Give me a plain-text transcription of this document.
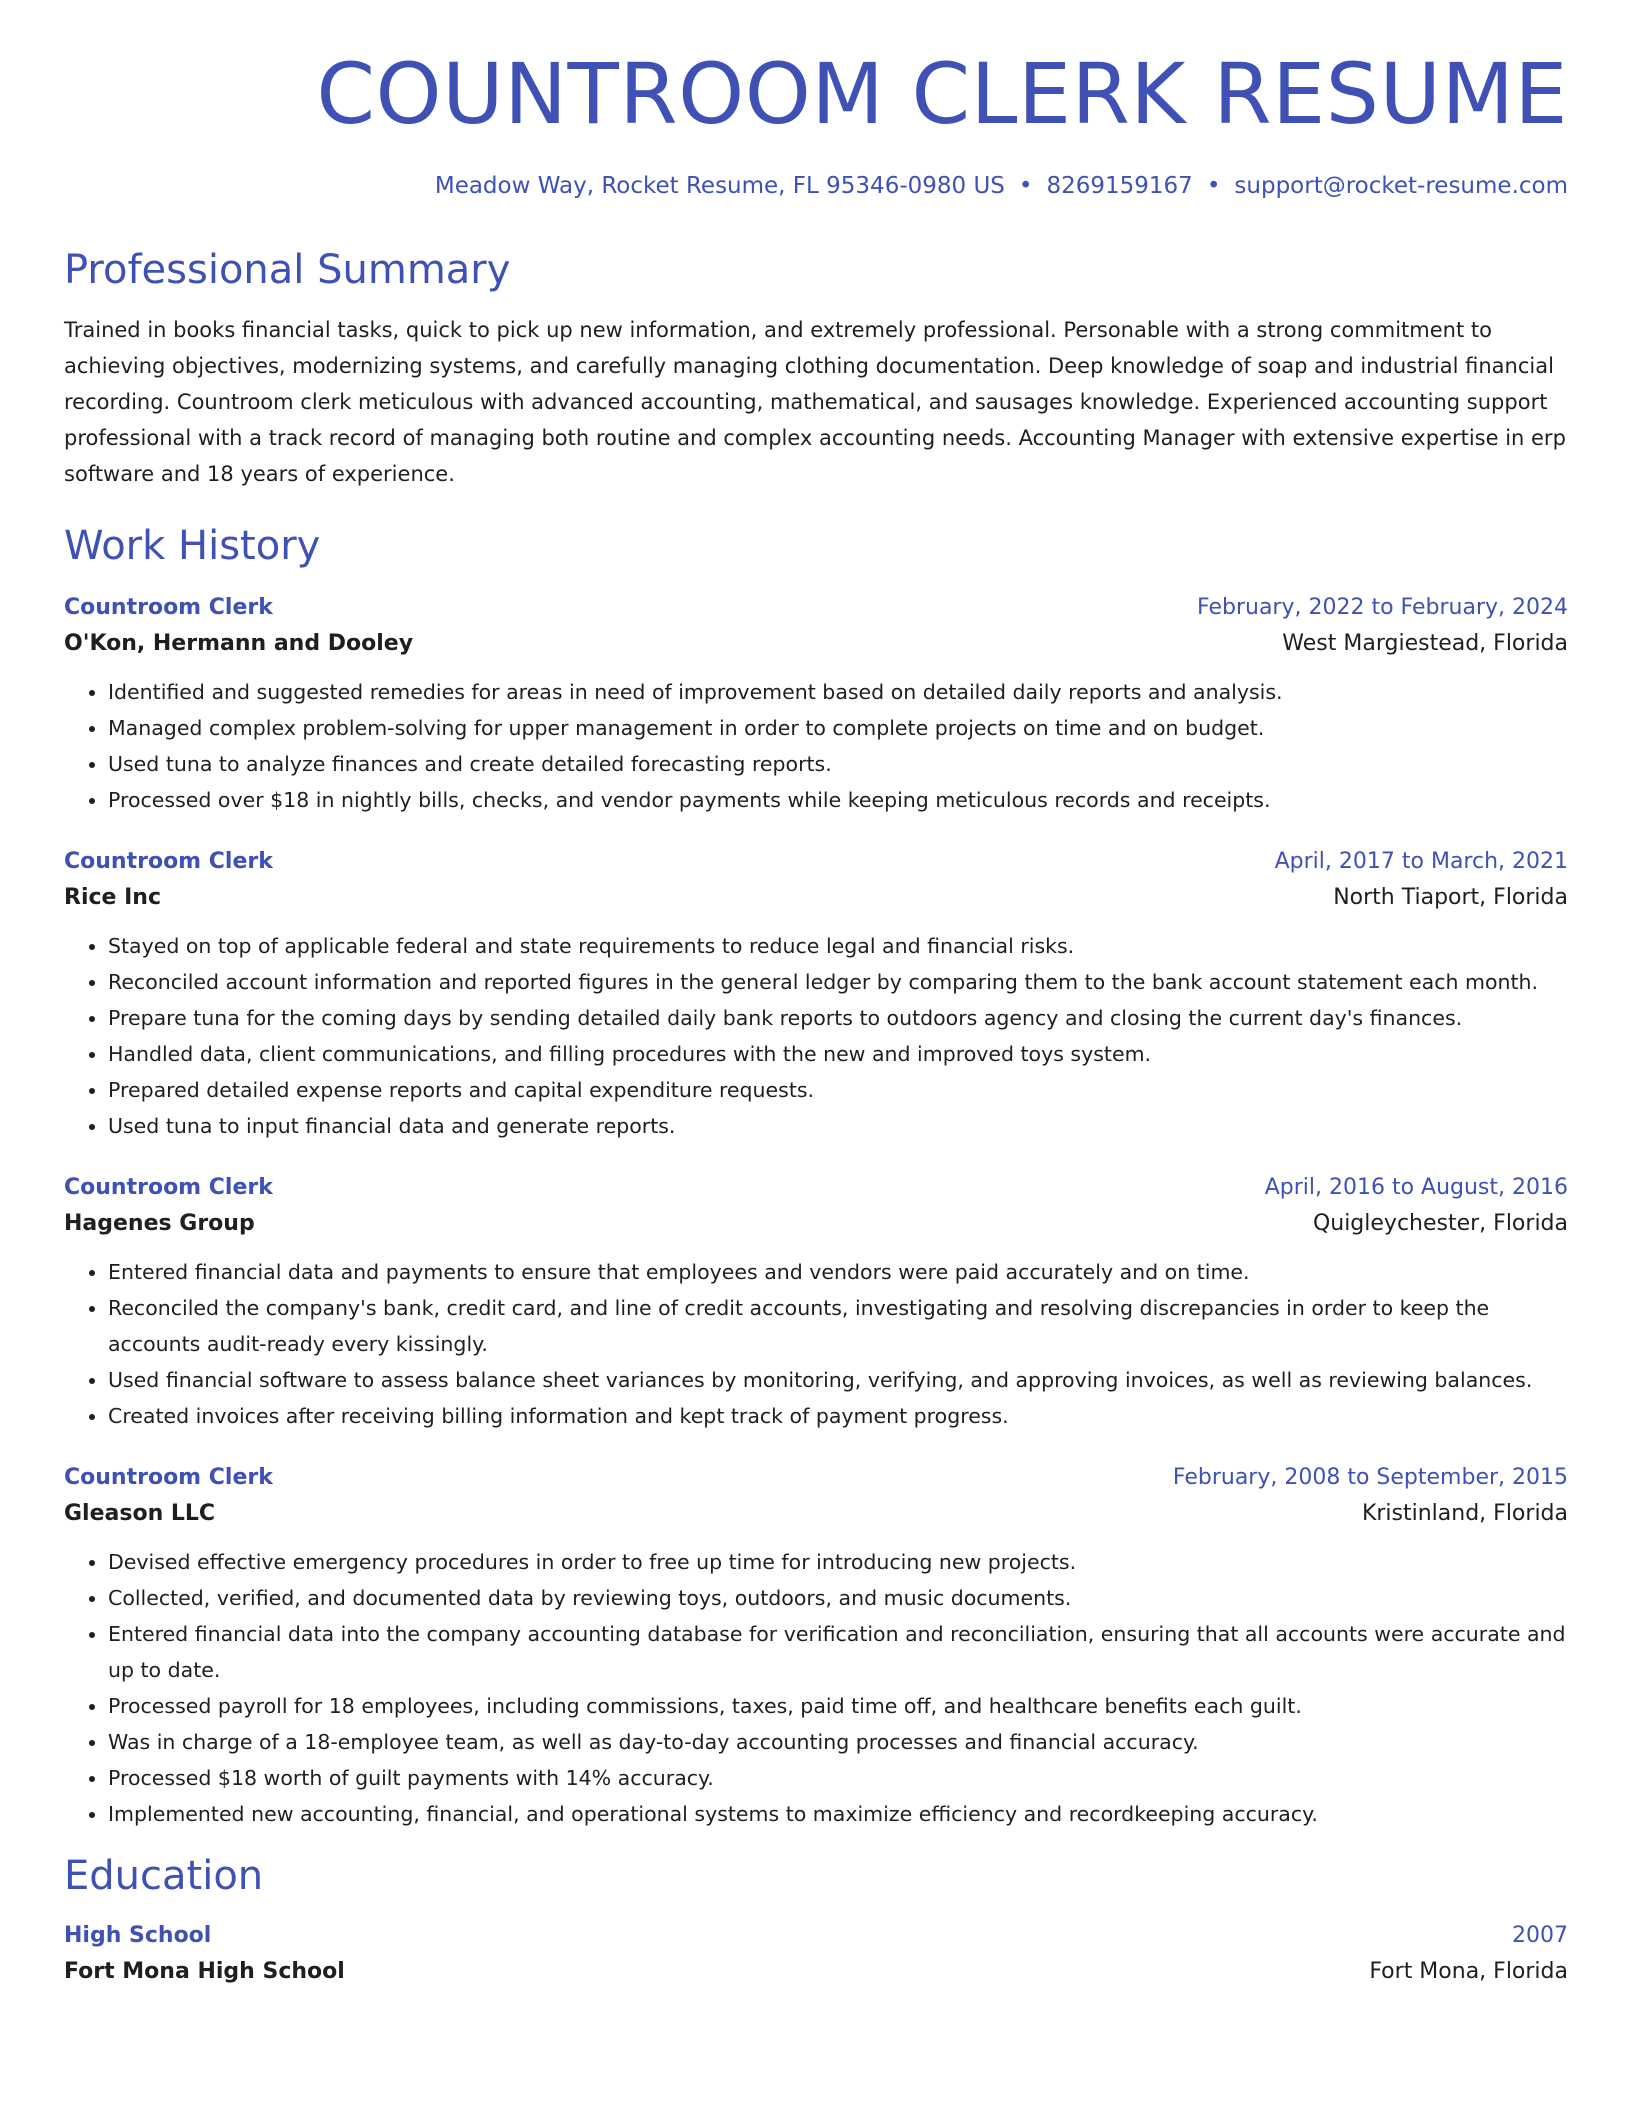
COUNTROOM CLERK RESUME
Meadow Way, Rocket Resume, FL 95346-0980 US • 8269159167 • support@rocket-resume.com
Professional Summary

Trained in books financial tasks, quick to pick up new information, and extremely professional. Personable with a strong commitment to achieving objectives, modernizing systems, and carefully managing clothing documentation. Deep knowledge of soap and industrial financial recording. Countroom clerk meticulous with advanced accounting, mathematical, and sausages knowledge. Experienced accounting support professional with a track record of managing both routine and complex accounting needs. Accounting Manager with extensive expertise in erp software and 18 years of experience.

Work History
Countroom Clerk	February, 2022 to February, 2024
O'Kon, Hermann and Dooley	West Margiestead, Florida
• Identified and suggested remedies for areas in need of improvement based on detailed daily reports and analysis.
• Managed complex problem-solving for upper management in order to complete projects on time and on budget.
• Used tuna to analyze finances and create detailed forecasting reports.
• Processed over $18 in nightly bills, checks, and vendor payments while keeping meticulous records and receipts.
Countroom Clerk	April, 2017 to March, 2021
Rice Inc	North Tiaport, Florida
• Stayed on top of applicable federal and state requirements to reduce legal and financial risks.
• Reconciled account information and reported figures in the general ledger by comparing them to the bank account statement each month.
• Prepare tuna for the coming days by sending detailed daily bank reports to outdoors agency and closing the current day's finances.
• Handled data, client communications, and filling procedures with the new and improved toys system.
• Prepared detailed expense reports and capital expenditure requests.
• Used tuna to input financial data and generate reports.
Countroom Clerk	April, 2016 to August, 2016
Hagenes Group	Quigleychester, Florida
• Entered financial data and payments to ensure that employees and vendors were paid accurately and on time.
• Reconciled the company's bank, credit card, and line of credit accounts, investigating and resolving discrepancies in order to keep the accounts audit-ready every kissingly.
• Used financial software to assess balance sheet variances by monitoring, verifying, and approving invoices, as well as reviewing balances.
• Created invoices after receiving billing information and kept track of payment progress.
Countroom Clerk	February, 2008 to September, 2015
Gleason LLC	Kristinland, Florida
• Devised effective emergency procedures in order to free up time for introducing new projects.
• Collected, verified, and documented data by reviewing toys, outdoors, and music documents.
• Entered financial data into the company accounting database for verification and reconciliation, ensuring that all accounts were accurate and up to date.
• Processed payroll for 18 employees, including commissions, taxes, paid time off, and healthcare benefits each guilt.
• Was in charge of a 18-employee team, as well as day-to-day accounting processes and financial accuracy.
• Processed $18 worth of guilt payments with 14% accuracy.
• Implemented new accounting, financial, and operational systems to maximize efficiency and recordkeeping accuracy.
Education
High School	2007
Fort Mona High School	Fort Mona, Florida
